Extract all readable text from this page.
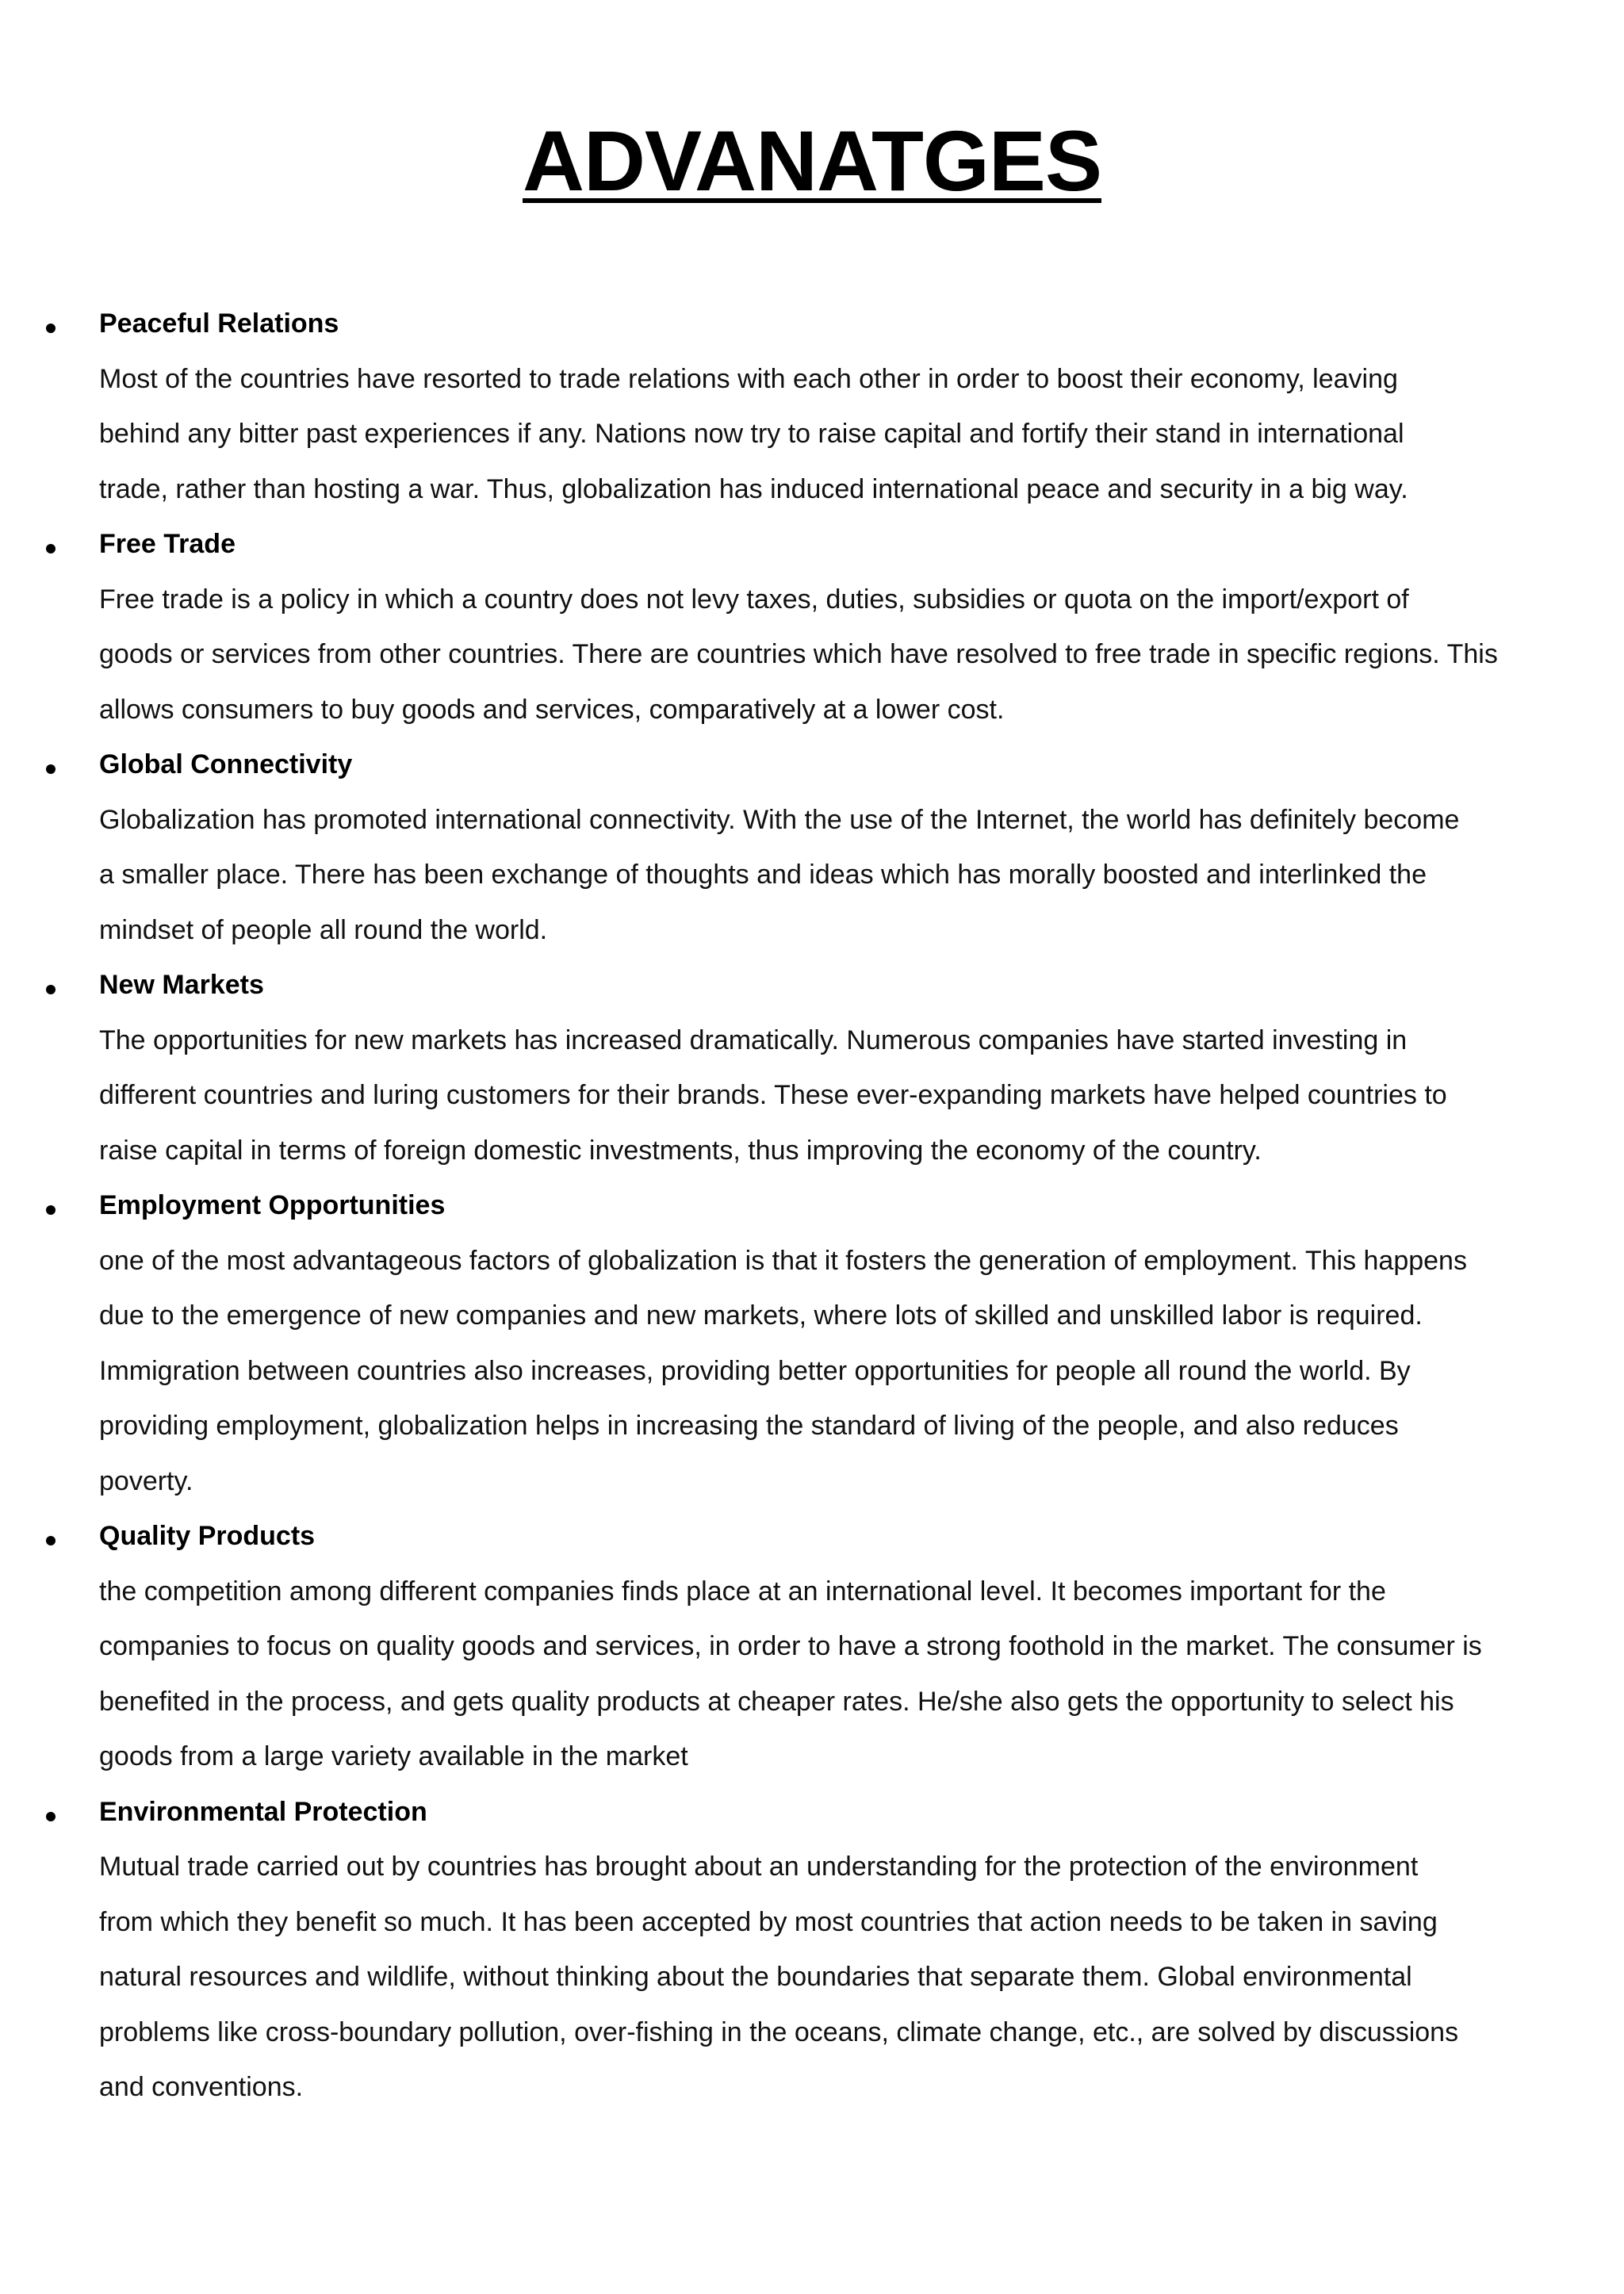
ADVANATGES
Peaceful Relations
Most of the countries have resorted to trade relations with each other in order to boost their economy, leaving
behind any bitter past experiences if any. Nations now try to raise capital and fortify their stand in international
trade, rather than hosting a war. Thus, globalization has induced international peace and security in a big way.
Free Trade
Free trade is a policy in which a country does not levy taxes, duties, subsidies or quota on the import/export of
goods or services from other countries. There are countries which have resolved to free trade in specific regions. This
allows consumers to buy goods and services, comparatively at a lower cost.
Global Connectivity
Globalization has promoted international connectivity. With the use of the Internet, the world has definitely become
a smaller place. There has been exchange of thoughts and ideas which has morally boosted and interlinked the
mindset of people all round the world.
New Markets
The opportunities for new markets has increased dramatically. Numerous companies have started investing in
different countries and luring customers for their brands. These ever-expanding markets have helped countries to
raise capital in terms of foreign domestic investments, thus improving the economy of the country.
Employment Opportunities
one of the most advantageous factors of globalization is that it fosters the generation of employment. This happens
due to the emergence of new companies and new markets, where lots of skilled and unskilled labor is required.
Immigration between countries also increases, providing better opportunities for people all round the world. By
providing employment, globalization helps in increasing the standard of living of the people, and also reduces
poverty.
Quality Products
the competition among different companies finds place at an international level. It becomes important for the
companies to focus on quality goods and services, in order to have a strong foothold in the market. The consumer is
benefited in the process, and gets quality products at cheaper rates. He/she also gets the opportunity to select his
goods from a large variety available in the market
Environmental Protection
Mutual trade carried out by countries has brought about an understanding for the protection of the environment
from which they benefit so much. It has been accepted by most countries that action needs to be taken in saving
natural resources and wildlife, without thinking about the boundaries that separate them. Global environmental
problems like cross-boundary pollution, over-fishing in the oceans, climate change, etc., are solved by discussions
and conventions.
